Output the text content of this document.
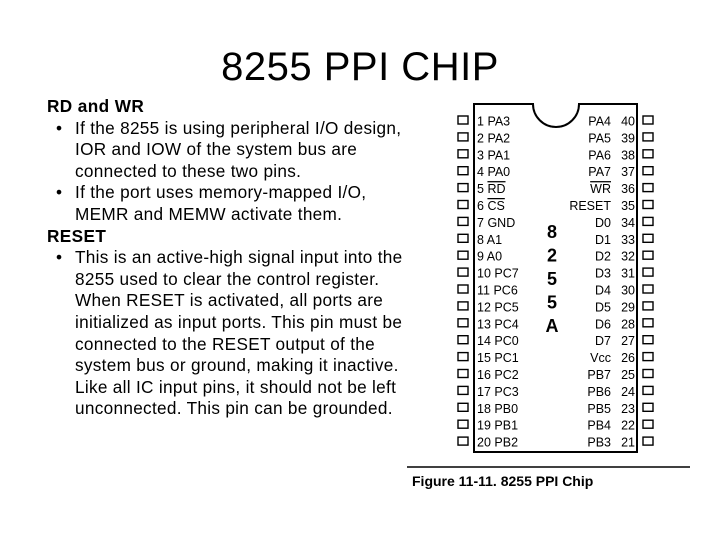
8255 PPI CHIP
RD and WR
• If the 8255 is using peripheral I/O design, IOR and IOW of the system bus are connected to these two pins.
• If the port uses memory-mapped I/O, MEMR and MEMW activate them.
RESET
• This is an active-high signal input into the 8255 used to clear the control register. When RESET is activated, all ports are initialized as input ports. This pin must be connected to the RESET output of the system bus or ground, making it inactive. Like all IC input pins, it should not be left unconnected. This pin can be grounded.
1 PA3
2 PA2
3 PA1
4 PA0
5 RD
6 CS
7 GND
8 A1
9 A0
10 PC7
11 PC6
12 PC5
13 PC4
14 PC0
15 PC1
16 PC2
17 PC3
18 PB0
19 PB1
20 PB2
PA4 40
PA5 39
PA6 38
PA7 37
WR 36
RESET 35
D0 34
D1 33
D2 32
D3 31
D4 30
D5 29
D6 28
D7 27
Vcc 26
PB7 25
PB6 24
PB5 23
PB4 22
PB3 21
8
2
5
5
A
Figure 11-11. 8255 PPI Chip
